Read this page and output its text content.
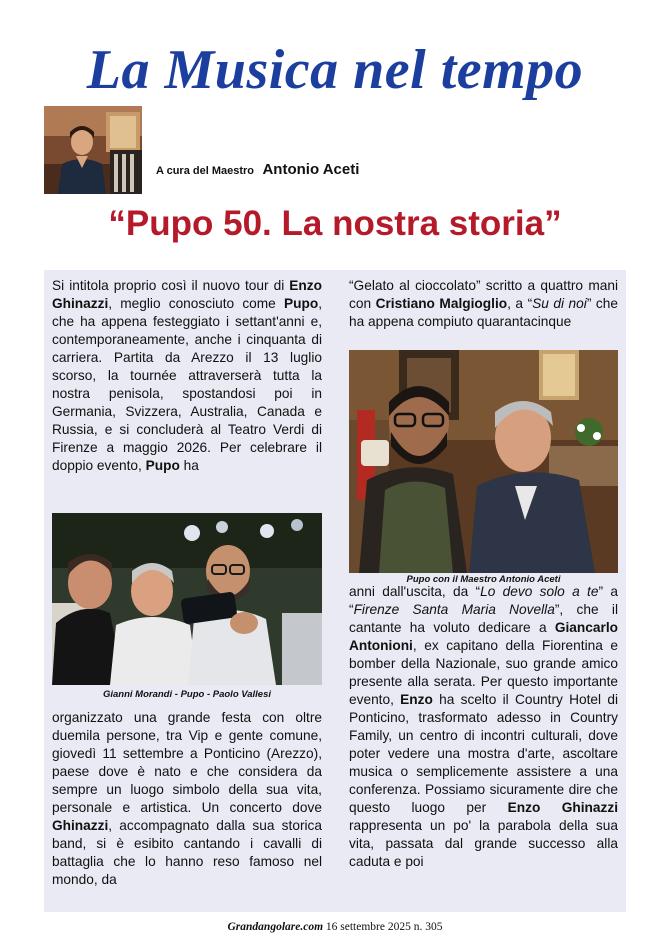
La Musica nel tempo
A cura del Maestro Antonio Aceti
“Pupo 50. La nostra storia”

Si intitola proprio così il nuovo tour di Enzo Ghinazzi, meglio conosciuto come Pupo, che ha appena festeggiato i settant'anni e, contemporaneamente, anche i cinquanta di carriera. Partita da Arezzo il 13 luglio scorso, la tournée attraverserà tutta la nostra penisola, spostandosi poi in Germania, Svizzera, Australia, Canada e Russia, e si concluderà al Teatro Verdi di Firenze a maggio 2026. Per celebrare il doppio evento, Pupo ha

Gianni Morandi - Pupo - Paolo Vallesi

organizzato una grande festa con oltre duemila persone, tra Vip e gente comune, giovedì 11 settembre a Ponticino (Arezzo), paese dove è nato e che considera da sempre un luogo simbolo della sua vita, personale e artistica. Un concerto dove Ghinazzi, accompagnato dalla sua storica band, si è esibito cantando i cavalli di battaglia che lo hanno reso famoso nel mondo, da

“Gelato al cioccolato” scritto a quattro mani con Cristiano Malgioglio, a “Su di noi” che ha appena compiuto quarantacinque

Pupo con il Maestro Antonio Aceti

anni dall'uscita, da “Lo devo solo a te” a “Firenze Santa Maria Novella”, che il cantante ha voluto dedicare a Giancarlo Antonioni, ex capitano della Fiorentina e bomber della Nazionale, suo grande amico presente alla serata. Per questo importante evento, Enzo ha scelto il Country Hotel di Ponticino, trasformato adesso in Country Family, un centro di incontri culturali, dove poter vedere una mostra d'arte, ascoltare musica o semplicemente assistere a una conferenza. Possiamo sicuramente dire che questo luogo per Enzo Ghinazzi rappresenta un po' la parabola della sua vita, passata dal grande successo alla caduta e poi

Grandangolare.com 16 settembre 2025 n. 305
